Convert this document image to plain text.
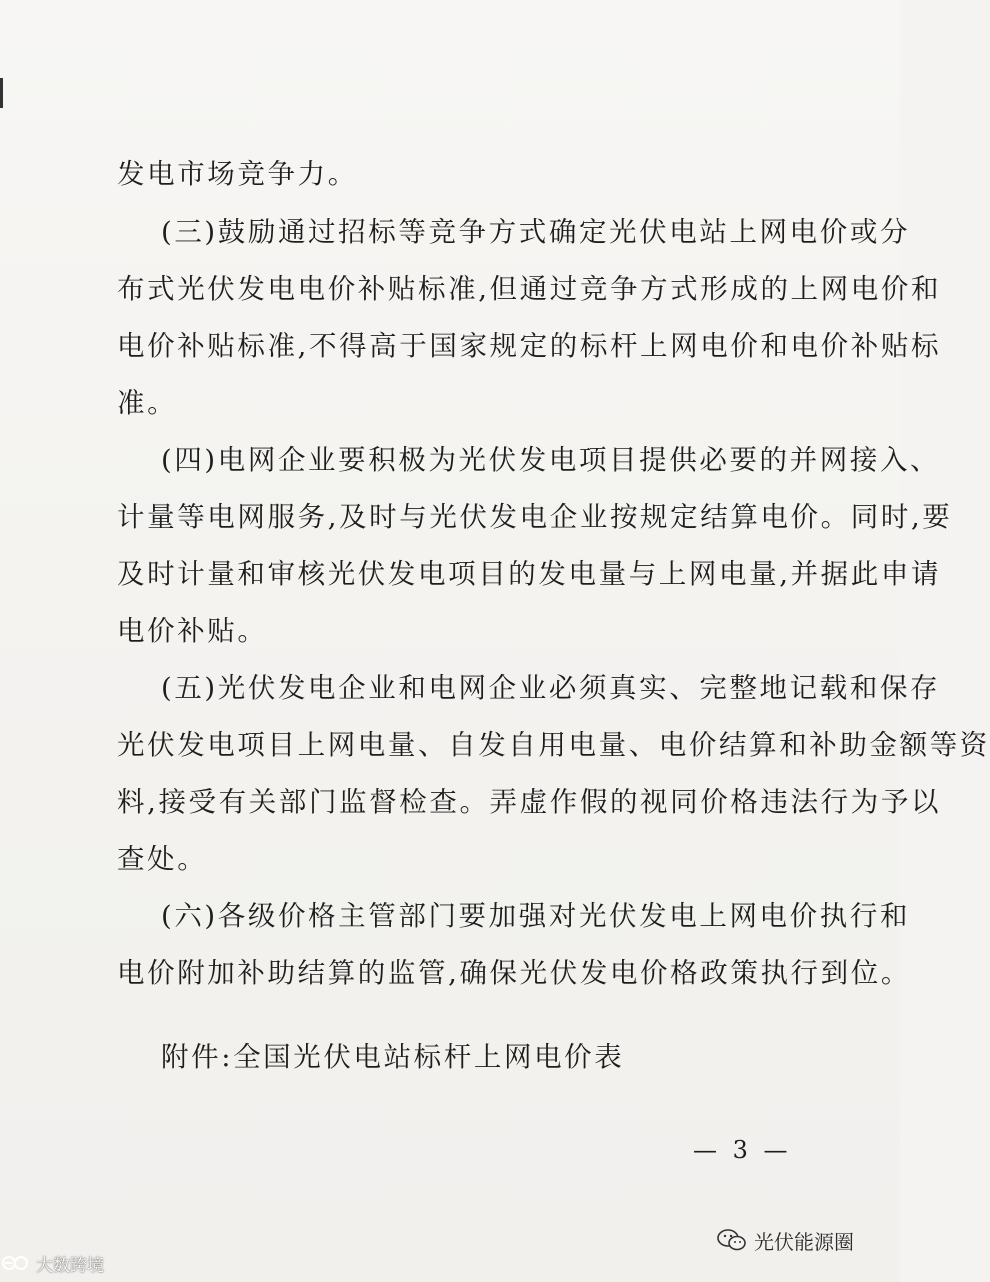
发电市场竞争力。
(三)鼓励通过招标等竞争方式确定光伏电站上网电价或分
布式光伏发电电价补贴标准,但通过竞争方式形成的上网电价和
电价补贴标准,不得高于国家规定的标杆上网电价和电价补贴标
准。
(四)电网企业要积极为光伏发电项目提供必要的并网接入、
计量等电网服务,及时与光伏发电企业按规定结算电价。同时,要
及时计量和审核光伏发电项目的发电量与上网电量,并据此申请
电价补贴。
(五)光伏发电企业和电网企业必须真实、完整地记载和保存
光伏发电项目上网电量、自发自用电量、电价结算和补助金额等资
料,接受有关部门监督检查。弄虚作假的视同价格违法行为予以
查处。
(六)各级价格主管部门要加强对光伏发电上网电价执行和
电价附加补助结算的监管,确保光伏发电价格政策执行到位。
附件:全国光伏电站标杆上网电价表
— 3 —
光伏能源圈
大数跨境
